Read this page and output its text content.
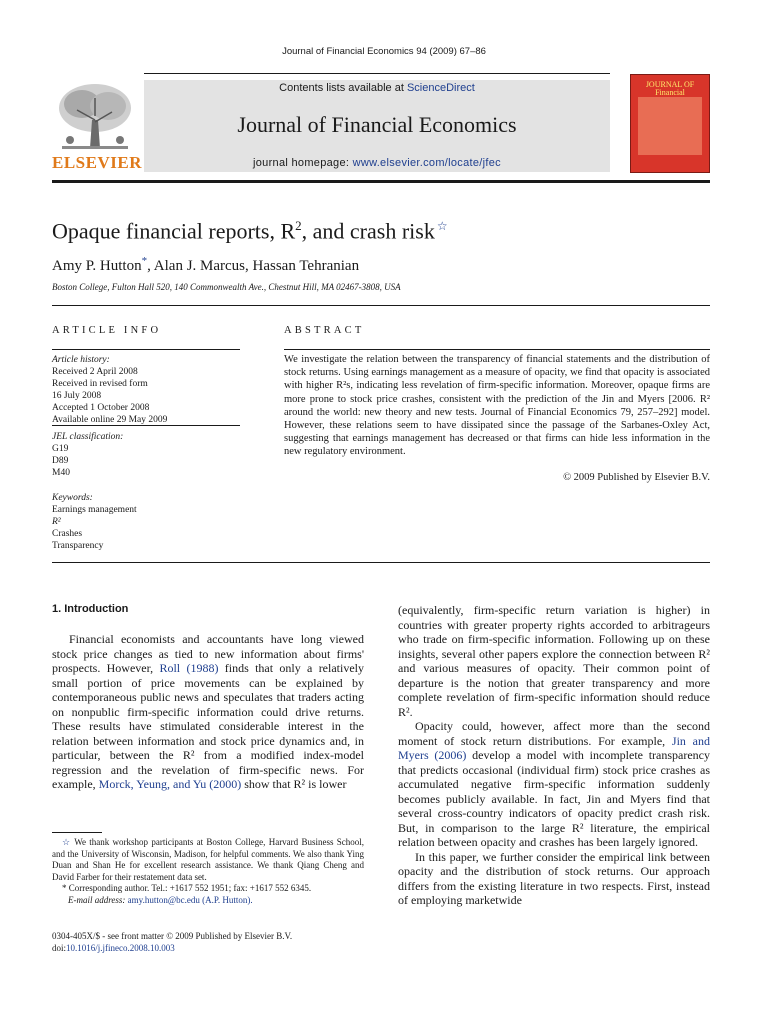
Journal of Financial Economics 94 (2009) 67–86
ELSEVIER
Contents lists available at ScienceDirect
Journal of Financial Economics
journal homepage: www.elsevier.com/locate/jfec
JOURNAL OF Financial
Opaque financial reports, $R^2$, and crash risk ☆
Amy P. Hutton*, Alan J. Marcus, Hassan Tehranian
Boston College, Fulton Hall 520, 140 Commonwealth Ave., Chestnut Hill, MA 02467-3808, USA
ARTICLE INFO
Article history:
Received 2 April 2008
Received in revised form
16 July 2008
Accepted 1 October 2008
Available online 29 May 2009
JEL classification:
G19
D89
M40
Keywords:
Earnings management
R²
Crashes
Transparency
ABSTRACT
We investigate the relation between the transparency of financial statements and the distribution of stock returns. Using earnings management as a measure of opacity, we find that opacity is associated with higher R²s, indicating less revelation of firm-specific information. Moreover, opaque firms are more prone to stock price crashes, consistent with the prediction of the Jin and Myers [2006. R² around the world: new theory and new tests. Journal of Financial Economics 79, 257–292] model. However, these relations seem to have dissipated since the passage of the Sarbanes-Oxley Act, suggesting that earnings management has decreased or that firms can hide less information in the new regulatory environment.
© 2009 Published by Elsevier B.V.
1. Introduction

Financial economists and accountants have long viewed stock price changes as tied to new information about firms' prospects. However, Roll (1988) finds that only a relatively small portion of price movements can be explained by contemporaneous public news and speculates that traders acting on nonpublic firm-specific information could drive returns. These results have stimulated considerable interest in the relation between information and stock price dynamics and, in particular, between the R² from a modified index-model regression and the revelation of firm-specific news. For example, Morck, Yeung, and Yu (2000) show that R² is lower

☆ We thank workshop participants at Boston College, Harvard Business School, and the University of Wisconsin, Madison, for helpful comments. We also thank Ying Duan and Shan He for excellent research assistance. We thank Qiang Cheng and David Farber for their restatement data set.
* Corresponding author. Tel.: +1617 552 1951; fax: +1617 552 6345.
E-mail address: amy.hutton@bc.edu (A.P. Hutton).
0304-405X/$ - see front matter © 2009 Published by Elsevier B.V.
doi:10.1016/j.jfineco.2008.10.003

(equivalently, firm-specific return variation is higher) in countries with greater property rights accorded to arbitrageurs who trade on firm-specific information. Following up on these insights, several other papers explore the connection between R² and various measures of opacity. Their common point of departure is the notion that greater transparency and more complete revelation of firm-specific information should reduce R².

Opacity could, however, affect more than the second moment of stock return distributions. For example, Jin and Myers (2006) develop a model with incomplete transparency that predicts occasional (individual firm) stock price crashes as accumulated negative firm-specific information suddenly becomes publicly available. In fact, Jin and Myers find that several cross-country indicators of opacity predict crash risk. But, in comparison to the large R² literature, the empirical relation between opacity and crashes has been largely ignored.

In this paper, we further consider the empirical link between opacity and the distribution of stock returns. Our approach differs from the existing literature in two respects. First, instead of employing marketwide
